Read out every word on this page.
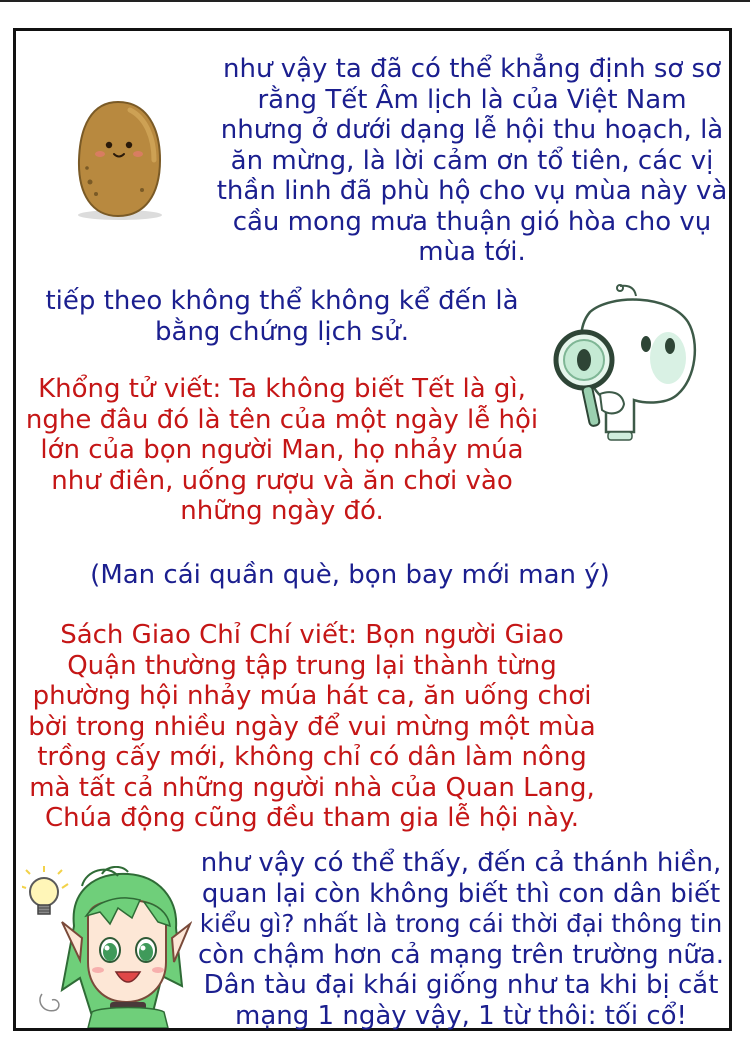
như vậy ta đã có thể khẳng định sơ sơ
rằng Tết Âm lịch là của Việt Nam
nhưng ở dưới dạng lễ hội thu hoạch, là
ăn mừng, là lời cảm ơn tổ tiên, các vị
thần linh đã phù hộ cho vụ mùa này và
cầu mong mưa thuận gió hòa cho vụ
mùa tới.
tiếp theo không thể không kể đến là
bằng chứng lịch sử.
Khổng tử viết: Ta không biết Tết là gì,
nghe đâu đó là tên của một ngày lễ hội
lớn của bọn người Man, họ nhảy múa
như điên, uống rượu và ăn chơi vào
những ngày đó.
(Man cái quần què, bọn bay mới man ý)
Sách Giao Chỉ Chí viết: Bọn người Giao
Quận thường tập trung lại thành từng
phường hội nhảy múa hát ca, ăn uống chơi
bời trong nhiều ngày để vui mừng một mùa
trồng cấy mới, không chỉ có dân làm nông
mà tất cả những người nhà của Quan Lang,
Chúa động cũng đều tham gia lễ hội này.
như vậy có thể thấy, đến cả thánh hiền,
quan lại còn không biết thì con dân biết
kiểu gì? nhất là trong cái thời đại thông tin
còn chậm hơn cả mạng trên trường nữa.
Dân tàu đại khái giống như ta khi bị cắt
mạng 1 ngày vậy, 1 từ thôi: tối cổ!
